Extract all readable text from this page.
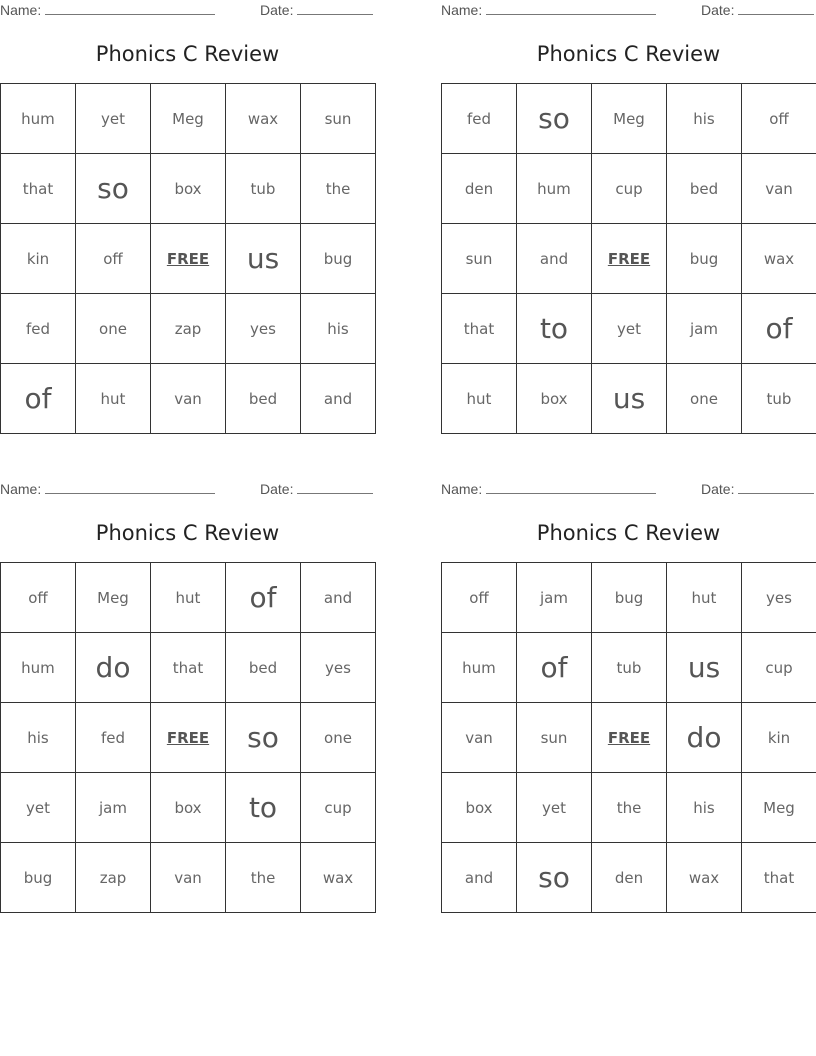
Name:	Date:
Phonics C Review
hum	yet	Meg	wax	sun
that	so	box	tub	the
kin	off	FREE	us	bug
fed	one	zap	yes	his
of	hut	van	bed	and
Name:	Date:
Phonics C Review
fed	so	Meg	his	off
den	hum	cup	bed	van
sun	and	FREE	bug	wax
that	to	yet	jam	of
hut	box	us	one	tub
Name:	Date:
Phonics C Review
off	Meg	hut	of	and
hum	do	that	bed	yes
his	fed	FREE	so	one
yet	jam	box	to	cup
bug	zap	van	the	wax
Name:	Date:
Phonics C Review
off	jam	bug	hut	yes
hum	of	tub	us	cup
van	sun	FREE	do	kin
box	yet	the	his	Meg
and	so	den	wax	that
